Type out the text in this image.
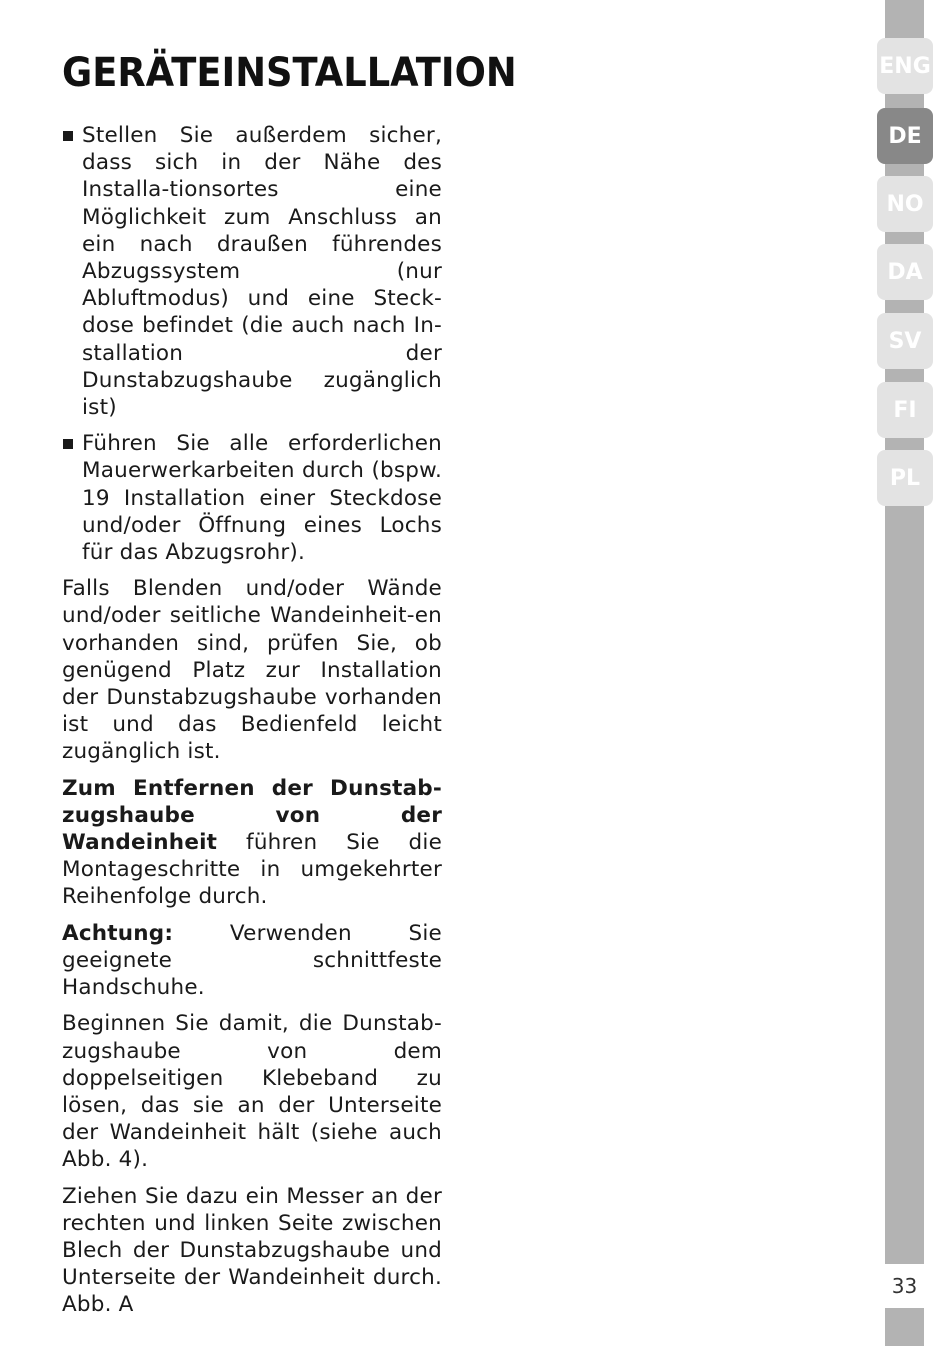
GERÄTEINSTALLATION
Stellen Sie außerdem sicher, dass sich in der Nähe des Installa-tionsortes eine Möglichkeit zum Anschluss an ein nach draußen führendes Abzugssystem (nur Abluftmodus) und eine Steck-dose befindet (die auch nach In-stallation der Dunstabzugshaube zugänglich ist)
Führen Sie alle erforderlichen Mauerwerkarbeiten durch (bspw. 19 Installation einer Steckdose und/oder Öffnung eines Lochs für das Abzugsrohr).

Falls Blenden und/oder Wände und/oder seitliche Wandeinheit-en vorhanden sind, prüfen Sie, ob genügend Platz zur Installation der Dunstabzugshaube vorhanden ist und das Bedienfeld leicht zugänglich ist.

Zum Entfernen der Dunstab-zugshaube von der Wandeinheit führen Sie die Montageschritte in umgekehrter Reihenfolge durch.

Achtung: Verwenden Sie geeignete schnittfeste Handschuhe.

Beginnen Sie damit, die Dunstab-zugshaube von dem doppelseitigen Klebeband zu lösen, das sie an der Unterseite der Wandeinheit hält (siehe auch Abb. 4).

Ziehen Sie dazu ein Messer an der rechten und linken Seite zwischen Blech der Dunstabzugshaube und Unterseite der Wandeinheit durch. Abb. A

ENG
DE
NO
DA
SV
FI
PL
33
